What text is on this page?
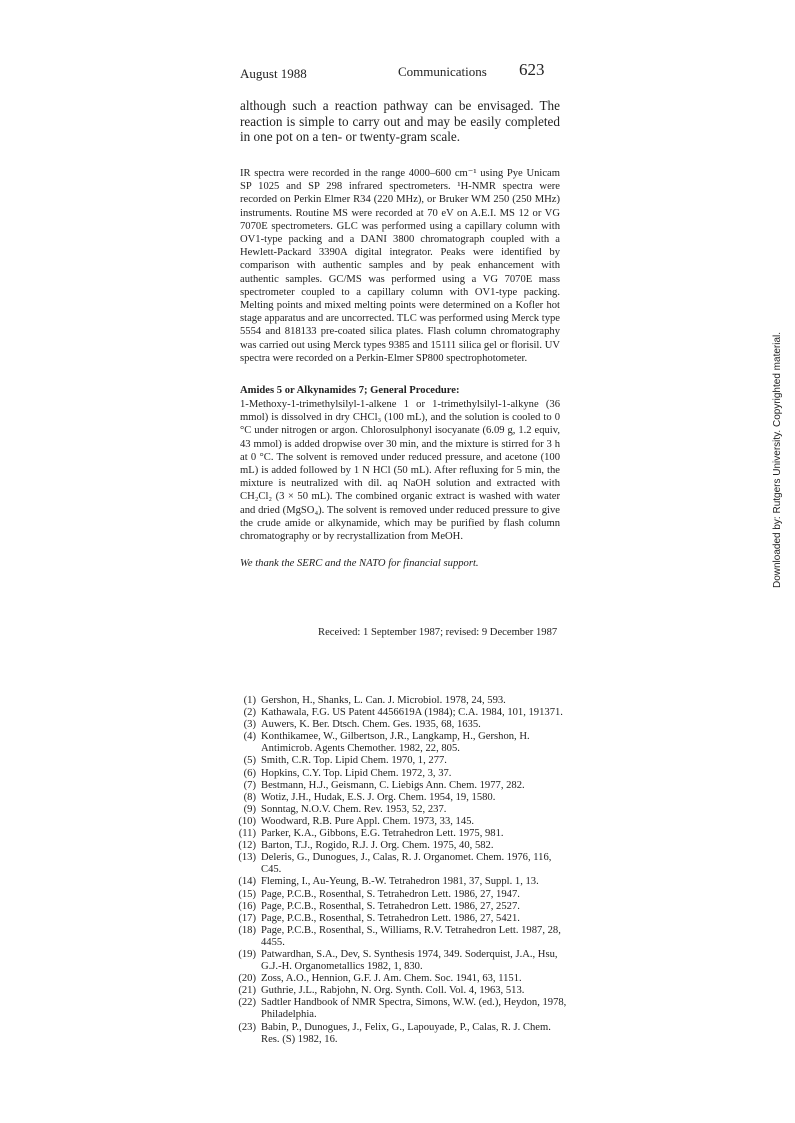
August 1988	Communications 623
although such a reaction pathway can be envisaged. The reaction is simple to carry out and may be easily completed in one pot on a ten- or twenty-gram scale.
IR spectra were recorded in the range 4000–600 cm⁻¹ using Pye Unicam SP 1025 and SP 298 infrared spectrometers. ¹H-NMR spectra were recorded on Perkin Elmer R34 (220 MHz), or Bruker WM 250 (250 MHz) instruments. Routine MS were recorded at 70 eV on A.E.I. MS 12 or VG 7070E spectrometers. GLC was performed using a capillary column with OV1-type packing and a DANI 3800 chromatograph coupled with a Hewlett-Packard 3390A digital integrator. Peaks were identified by comparison with authentic samples and by peak enhancement with authentic samples. GC/MS was performed using a VG 7070E mass spectrometer coupled to a capillary column with OV1-type packing. Melting points and mixed melting points were determined on a Kofler hot stage apparatus and are uncorrected. TLC was performed using Merck type 5554 and 818133 pre-coated silica plates. Flash column chromatography was carried out using Merck types 9385 and 15111 silica gel or florisil. UV spectra were recorded on a Perkin-Elmer SP800 spectrophotometer.
Amides 5 or Alkynamides 7; General Procedure:
1-Methoxy-1-trimethylsilyl-1-alkene 1 or 1-trimethylsilyl-1-alkyne (36 mmol) is dissolved in dry CHCl₃ (100 mL), and the solution is cooled to 0 °C under nitrogen or argon. Chlorosulphonyl isocyanate (6.09 g, 1.2 equiv, 43 mmol) is added dropwise over 30 min, and the mixture is stirred for 3 h at 0 °C. The solvent is removed under reduced pressure, and acetone (100 mL) is added followed by 1 N HCl (50 mL). After refluxing for 5 min, the mixture is neutralized with dil. aq NaOH solution and extracted with CH₂Cl₂ (3 × 50 mL). The combined organic extract is washed with water and dried (MgSO₄). The solvent is removed under reduced pressure to give the crude amide or alkynamide, which may be purified by flash column chromatography or by recrystallization from MeOH.
We thank the SERC and the NATO for financial support.
Received: 1 September 1987; revised: 9 December 1987
(1) Gershon, H., Shanks, L. Can. J. Microbiol. 1978, 24, 593.
(2) Kathawala, F.G. US Patent 4456619A (1984); C.A. 1984, 101, 191371.
(3) Auwers, K. Ber. Dtsch. Chem. Ges. 1935, 68, 1635.
(4) Konthikamee, W., Gilbertson, J.R., Langkamp, H., Gershon, H. Antimicrob. Agents Chemother. 1982, 22, 805.
(5) Smith, C.R. Top. Lipid Chem. 1970, 1, 277.
(6) Hopkins, C.Y. Top. Lipid Chem. 1972, 3, 37.
(7) Bestmann, H.J., Geismann, C. Liebigs Ann. Chem. 1977, 282.
(8) Wotiz, J.H., Hudak, E.S. J. Org. Chem. 1954, 19, 1580.
(9) Sonntag, N.O.V. Chem. Rev. 1953, 52, 237.
(10) Woodward, R.B. Pure Appl. Chem. 1973, 33, 145.
(11) Parker, K.A., Gibbons, E.G. Tetrahedron Lett. 1975, 981.
(12) Barton, T.J., Rogido, R.J. J. Org. Chem. 1975, 40, 582.
(13) Deleris, G., Dunogues, J., Calas, R. J. Organomet. Chem. 1976, 116, C45.
(14) Fleming, I., Au-Yeung, B.-W. Tetrahedron 1981, 37, Suppl. 1, 13.
(15) Page, P.C.B., Rosenthal, S. Tetrahedron Lett. 1986, 27, 1947.
(16) Page, P.C.B., Rosenthal, S. Tetrahedron Lett. 1986, 27, 2527.
(17) Page, P.C.B., Rosenthal, S. Tetrahedron Lett. 1986, 27, 5421.
(18) Page, P.C.B., Rosenthal, S., Williams, R.V. Tetrahedron Lett. 1987, 28, 4455.
(19) Patwardhan, S.A., Dev, S. Synthesis 1974, 349. Soderquist, J.A., Hsu, G.J.-H. Organometallics 1982, 1, 830.
(20) Zoss, A.O., Hennion, G.F. J. Am. Chem. Soc. 1941, 63, 1151.
(21) Guthrie, J.L., Rabjohn, N. Org. Synth. Coll. Vol. 4, 1963, 513.
(22) Sadtler Handbook of NMR Spectra, Simons, W.W. (ed.), Heydon, 1978, Philadelphia.
(23) Babin, P., Dunogues, J., Felix, G., Lapouyade, P., Calas, R. J. Chem. Res. (S) 1982, 16.
Downloaded by: Rutgers University. Copyrighted material.
